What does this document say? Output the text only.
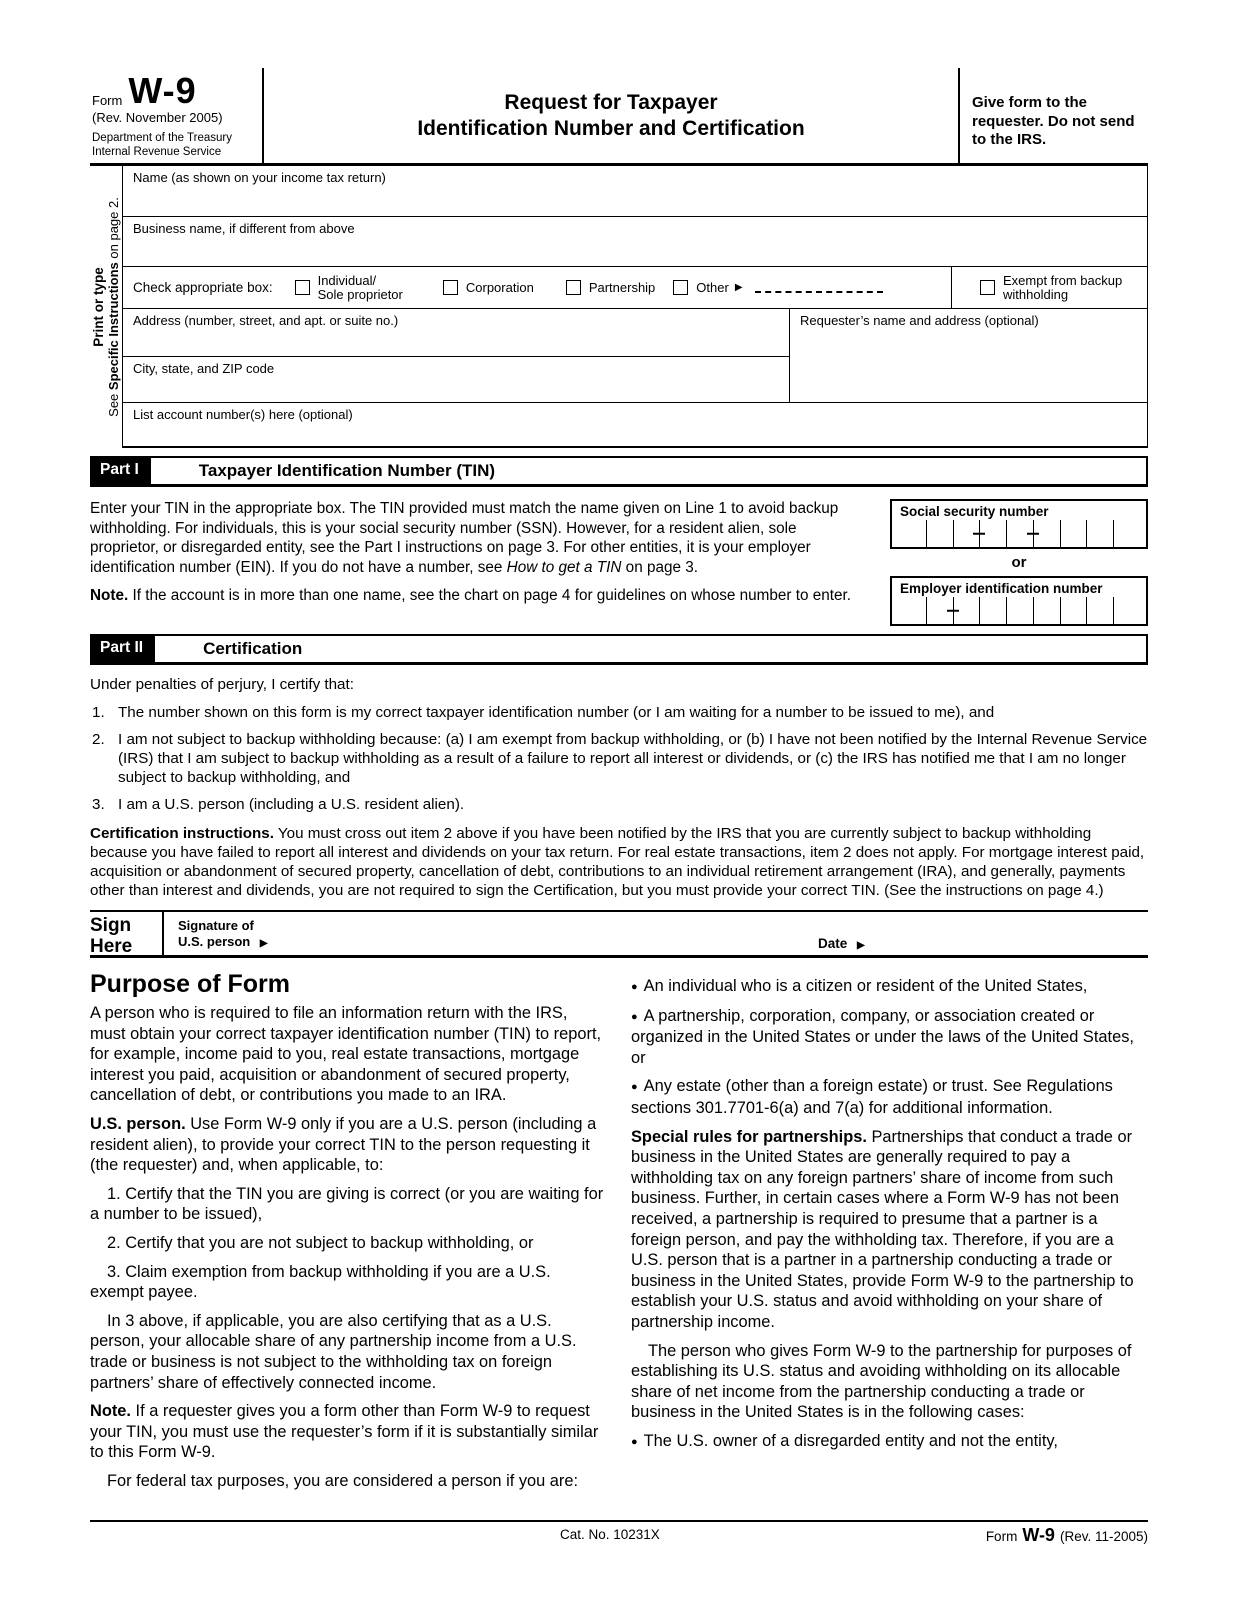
Form W-9
(Rev. November 2005)
Department of the Treasury
Internal Revenue Service
Request for Taxpayer
Identification Number and Certification
Give form to the requester. Do not send to the IRS.
Print or type
See Specific Instructions on page 2.
Name (as shown on your income tax return)
Business name, if different from above
Check appropriate box:	Individual/
Sole proprietor	Corporation	Partnership	Other ▶	Exempt from backup
withholding
Address (number, street, and apt. or suite no.)
City, state, and ZIP code
Requester’s name and address (optional)
List account number(s) here (optional)
Part I	Taxpayer Identification Number (TIN)
Enter your TIN in the appropriate box. The TIN provided must match the name given on Line 1 to avoid backup withholding. For individuals, this is your social security number (SSN). However, for a resident alien, sole proprietor, or disregarded entity, see the Part I instructions on page 3. For other entities, it is your employer identification number (EIN). If you do not have a number, see How to get a TIN on page 3.
Note. If the account is in more than one name, see the chart on page 4 for guidelines on whose number to enter.
Social security number
or
Employer identification number
Part II	Certification
Under penalties of perjury, I certify that:
1. The number shown on this form is my correct taxpayer identification number (or I am waiting for a number to be issued to me), and
2. I am not subject to backup withholding because: (a) I am exempt from backup withholding, or (b) I have not been notified by the Internal Revenue Service (IRS) that I am subject to backup withholding as a result of a failure to report all interest or dividends, or (c) the IRS has notified me that I am no longer subject to backup withholding, and
3. I am a U.S. person (including a U.S. resident alien).
Certification instructions. You must cross out item 2 above if you have been notified by the IRS that you are currently subject to backup withholding because you have failed to report all interest and dividends on your tax return. For real estate transactions, item 2 does not apply. For mortgage interest paid, acquisition or abandonment of secured property, cancellation of debt, contributions to an individual retirement arrangement (IRA), and generally, payments other than interest and dividends, you are not required to sign the Certification, but you must provide your correct TIN. (See the instructions on page 4.)
Sign
Here
Signature of
U.S. person ▶	Date ▶
Purpose of Form

A person who is required to file an information return with the IRS, must obtain your correct taxpayer identification number (TIN) to report, for example, income paid to you, real estate transactions, mortgage interest you paid, acquisition or abandonment of secured property, cancellation of debt, or contributions you made to an IRA.

U.S. person. Use Form W-9 only if you are a U.S. person (including a resident alien), to provide your correct TIN to the person requesting it (the requester) and, when applicable, to:

1. Certify that the TIN you are giving is correct (or you are waiting for a number to be issued),

2. Certify that you are not subject to backup withholding, or

3. Claim exemption from backup withholding if you are a U.S. exempt payee.

In 3 above, if applicable, you are also certifying that as a U.S. person, your allocable share of any partnership income from a U.S. trade or business is not subject to the withholding tax on foreign partners’ share of effectively connected income.

Note. If a requester gives you a form other than Form W-9 to request your TIN, you must use the requester’s form if it is substantially similar to this Form W-9.

For federal tax purposes, you are considered a person if you are:

● An individual who is a citizen or resident of the United States,

● A partnership, corporation, company, or association created or organized in the United States or under the laws of the United States, or

● Any estate (other than a foreign estate) or trust. See Regulations sections 301.7701-6(a) and 7(a) for additional information.

Special rules for partnerships. Partnerships that conduct a trade or business in the United States are generally required to pay a withholding tax on any foreign partners’ share of income from such business. Further, in certain cases where a Form W-9 has not been received, a partnership is required to presume that a partner is a foreign person, and pay the withholding tax. Therefore, if you are a U.S. person that is a partner in a partnership conducting a trade or business in the United States, provide Form W-9 to the partnership to establish your U.S. status and avoid withholding on your share of partnership income.

The person who gives Form W-9 to the partnership for purposes of establishing its U.S. status and avoiding withholding on its allocable share of net income from the partnership conducting a trade or business in the United States is in the following cases:

● The U.S. owner of a disregarded entity and not the entity,

Cat. No. 10231X	Form W-9 (Rev. 11-2005)
